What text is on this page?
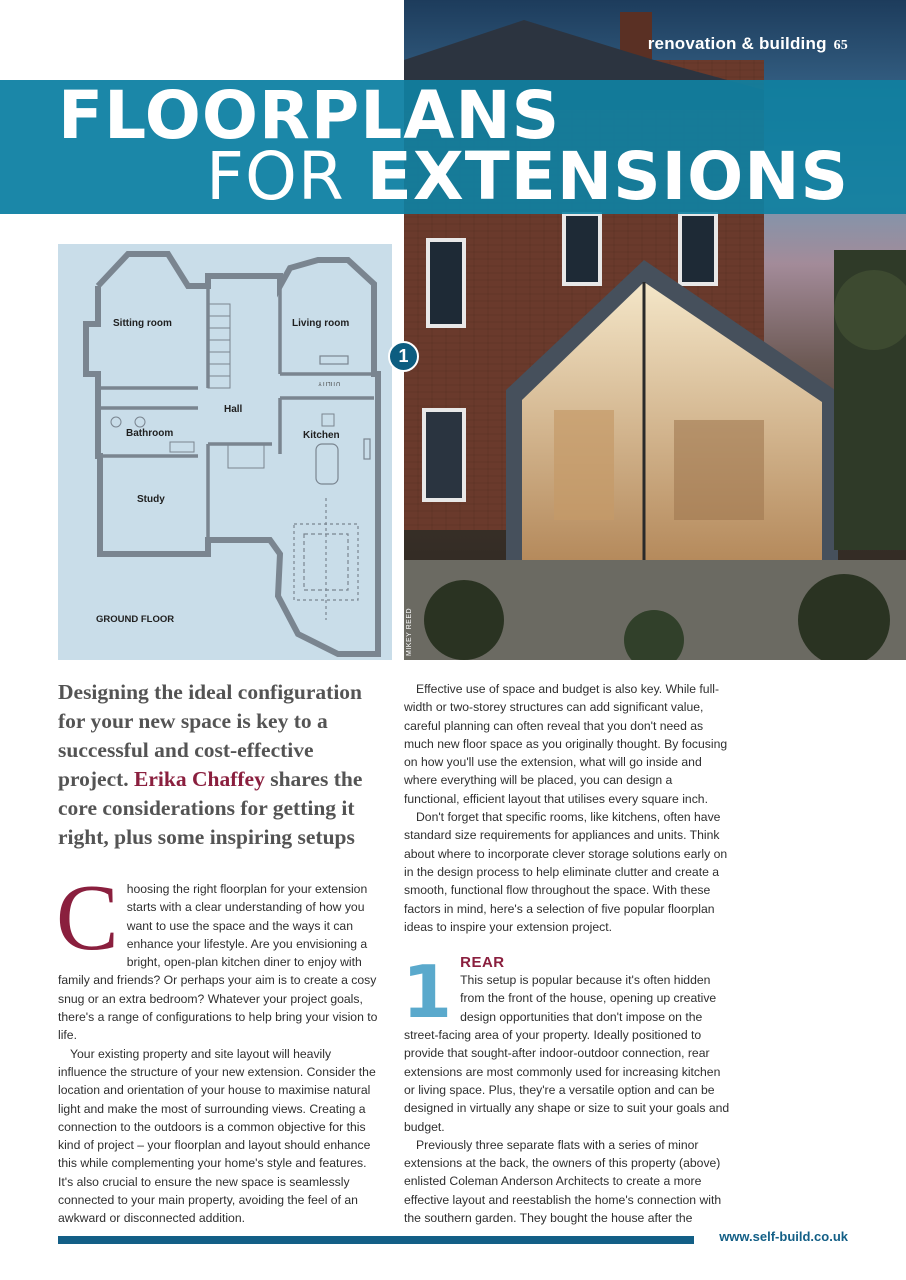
MIKEY REED
renovation & building 65
FLOORPLANS
FOR EXTENSIONS
Sitting room	Living room
Hall
Bathroom	Kitchen
Study
UTILITY
GROUND FLOOR
1
Designing the ideal configuration for your new space is key to a successful and cost-effective project. Erika Chaffey shares the core considerations for getting it right, plus some inspiring setups

Choosing the right floorplan for your extension starts with a clear understanding of how you want to use the space and the ways it can enhance your lifestyle. Are you envisioning a bright, open-plan kitchen diner to enjoy with family and friends? Or perhaps your aim is to create a cosy snug or an extra bedroom? Whatever your project goals, there's a range of configurations to help bring your vision to life.

Your existing property and site layout will heavily influence the structure of your new extension. Consider the location and orientation of your house to maximise natural light and make the most of surrounding views. Creating a connection to the outdoors is a common objective for this kind of project – your floorplan and layout should enhance this while complementing your home's style and features. It's also crucial to ensure the new space is seamlessly connected to your main property, avoiding the feel of an awkward or disconnected addition.

Effective use of space and budget is also key. While full-width or two-storey structures can add significant value, careful planning can often reveal that you don't need as much new floor space as you originally thought. By focusing on how you'll use the extension, what will go inside and where everything will be placed, you can design a functional, efficient layout that utilises every square inch.

Don't forget that specific rooms, like kitchens, often have standard size requirements for appliances and units. Think about where to incorporate clever storage solutions early on in the design process to help eliminate clutter and create a smooth, functional flow throughout the space. With these factors in mind, here's a selection of five popular floorplan ideas to inspire your extension project.

1 REAR
This setup is popular because it's often hidden from the front of the house, opening up creative design opportunities that don't impose on the street-facing area of your property. Ideally positioned to provide that sought-after indoor-outdoor connection, rear extensions are most commonly used for increasing kitchen or living space. Plus, they're a versatile option and can be designed in virtually any shape or size to suit your goals and budget.

Previously three separate flats with a series of minor extensions at the back, the owners of this property (above) enlisted Coleman Anderson Architects to create a more effective layout and reestablish the home's connection with the southern garden. They bought the house after the

www.self-build.co.uk
